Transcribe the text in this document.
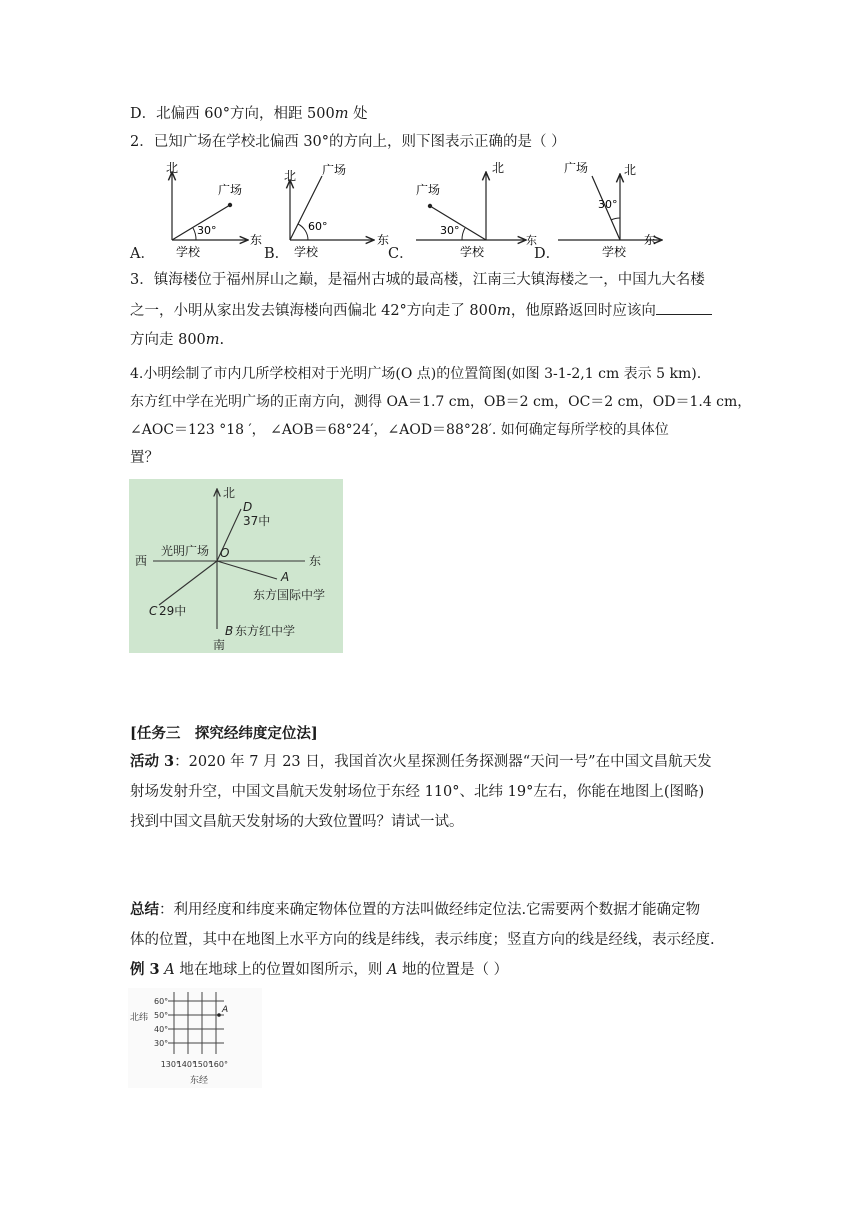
D．北偏西 60°方向，相距 500m 处
2．已知广场在学校北偏西 30°的方向上，则下图表示正确的是（ ）
A．
北
东
广场
30°
学校	B．
北
东
广场
60°
学校	C．
北
东
广场
30°
学校	D．
北
东
广场
30°
学校
3．镇海楼位于福州屏山之巅，是福州古城的最高楼，江南三大镇海楼之一，中国九大名楼
之一，小明从家出发去镇海楼向西偏北 42°方向走了 800m，他原路返回时应该向
方向走 800m.
4.小明绘制了市内几所学校相对于光明广场(O 点)的位置简图(如图 3-1-2,1 cm 表示 5 km).
东方红中学在光明广场的正南方向，测得 OA＝1.7 cm，OB＝2 cm，OC＝2 cm，OD＝1.4 cm，
∠AOC＝123 °18 ′， ∠AOB＝68°24′，∠AOD＝88°28′. 如何确定每所学校的具体位
置？
北
西	东
南
光明广场 O
D
37中
A
东方国际中学
C 29中
B 东方红中学
[任务三　探究经纬度定位法]
活动 3：2020 年 7 月 23 日，我国首次火星探测任务探测器“天问一号”在中国文昌航天发
射场发射升空，中国文昌航天发射场位于东经 110°、北纬 19°左右，你能在地图上(图略)
找到中国文昌航天发射场的大致位置吗？请试一试。
总结：利用经度和纬度来确定物体位置的方法叫做经纬定位法.它需要两个数据才能确定物
体的位置，其中在地图上水平方向的线是纬线，表示纬度；竖直方向的线是经线，表示经度.
例 3 A 地在地球上的位置如图所示，则 A 地的位置是（ ）
A
60°
50°
40°
30°
北纬
130°
140°
150°
160°
东经
